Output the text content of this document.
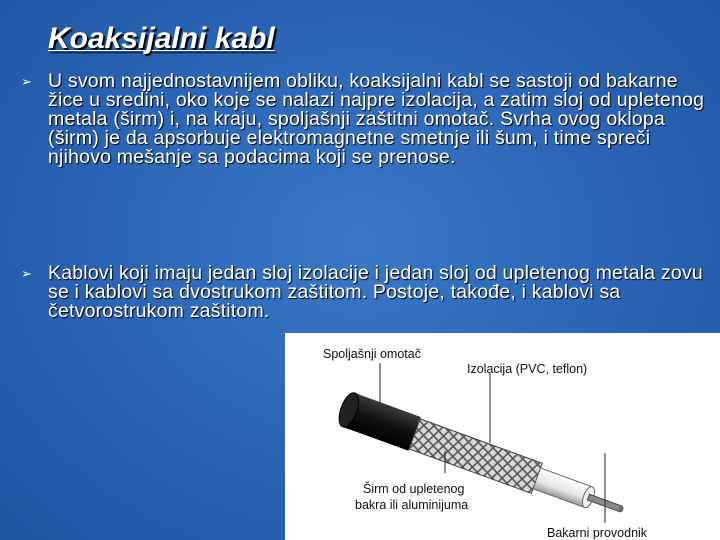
Koaksijalni kabl
➢ U svom najjednostavnijem obliku, koaksijalni kabl se sastoji od bakarne žice u sredini, oko koje se nalazi najpre izolacija, a zatim sloj od upletenog metala (širm) i, na kraju, spoljašnji zaštitni omotač. Svrha ovog oklopa (širm) je da apsorbuje elektromagnetne smetnje ili šum, i time spreči njihovo mešanje sa podacima koji se prenose.
➢ Kablovi koji imaju jedan sloj izolacije i jedan sloj od upletenog metala zovu se i kablovi sa dvostrukom zaštitom. Postoje, takođe, i kablovi sa četvorostrukom zaštitom.
Spoljašnji omotač
Izolacija (PVC, teflon)
Širm od upletenog
bakra ili aluminijuma
Bakarni provodnik
